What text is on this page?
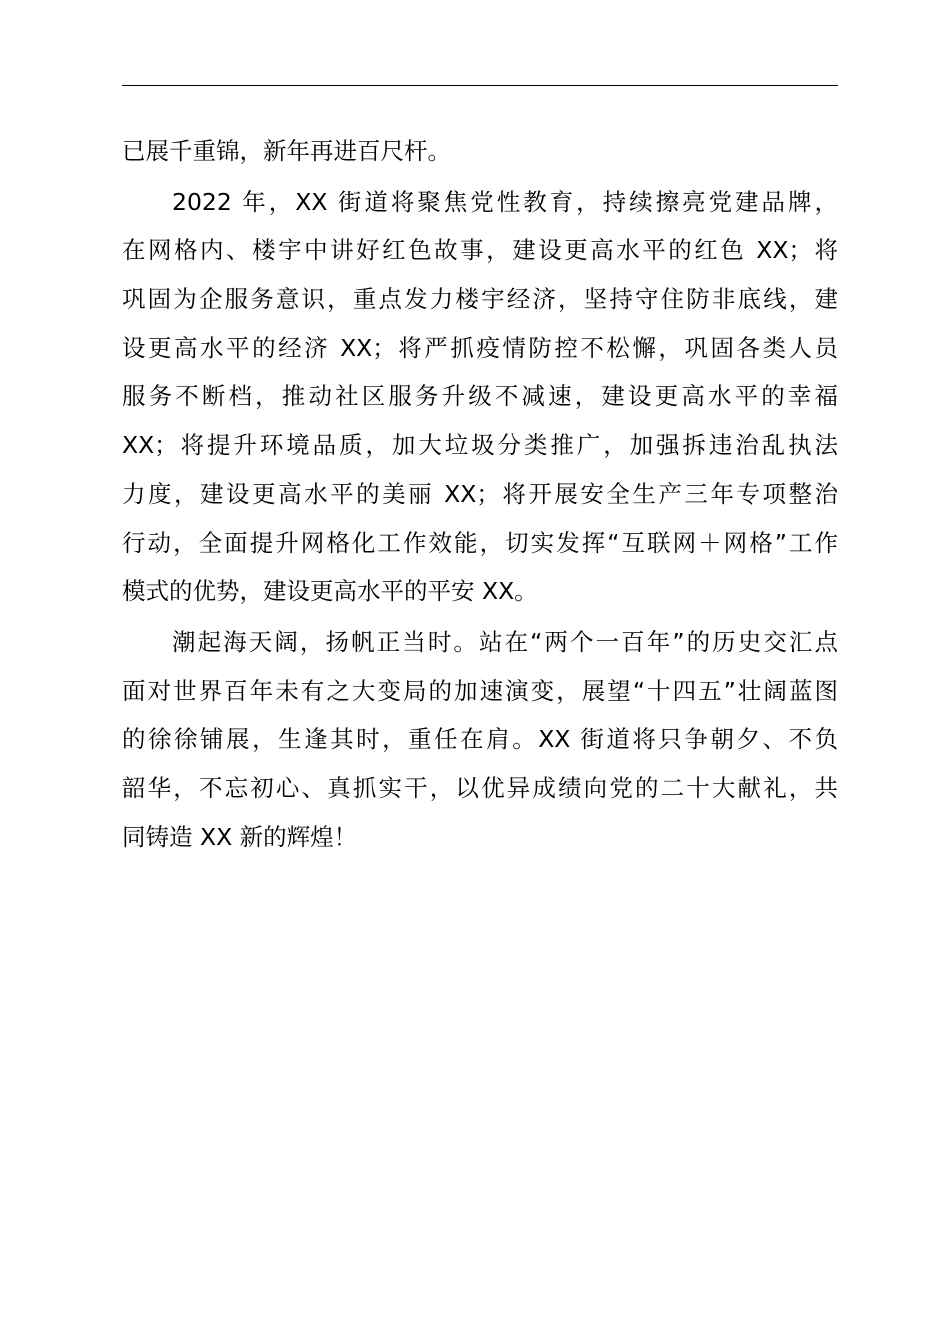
已展千重锦，新年再进百尺杆。
2022 年，XX 街道将聚焦党性教育，持续擦亮党建品牌，
在网格内、楼宇中讲好红色故事，建设更高水平的红色 XX；将
巩固为企服务意识，重点发力楼宇经济，坚持守住防非底线，建
设更高水平的经济 XX；将严抓疫情防控不松懈，巩固各类人员
服务不断档，推动社区服务升级不减速，建设更高水平的幸福
XX；将提升环境品质，加大垃圾分类推广，加强拆违治乱执法
力度，建设更高水平的美丽 XX；将开展安全生产三年专项整治
行动，全面提升网格化工作效能，切实发挥“互联网＋网格”工作
模式的优势，建设更高水平的平安 XX。
潮起海天阔，扬帆正当时。站在“两个一百年”的历史交汇点
面对世界百年未有之大变局的加速演变，展望“十四五”壮阔蓝图
的徐徐铺展，生逢其时，重任在肩。XX 街道将只争朝夕、不负
韶华，不忘初心、真抓实干，以优异成绩向党的二十大献礼，共
同铸造 XX 新的辉煌！
